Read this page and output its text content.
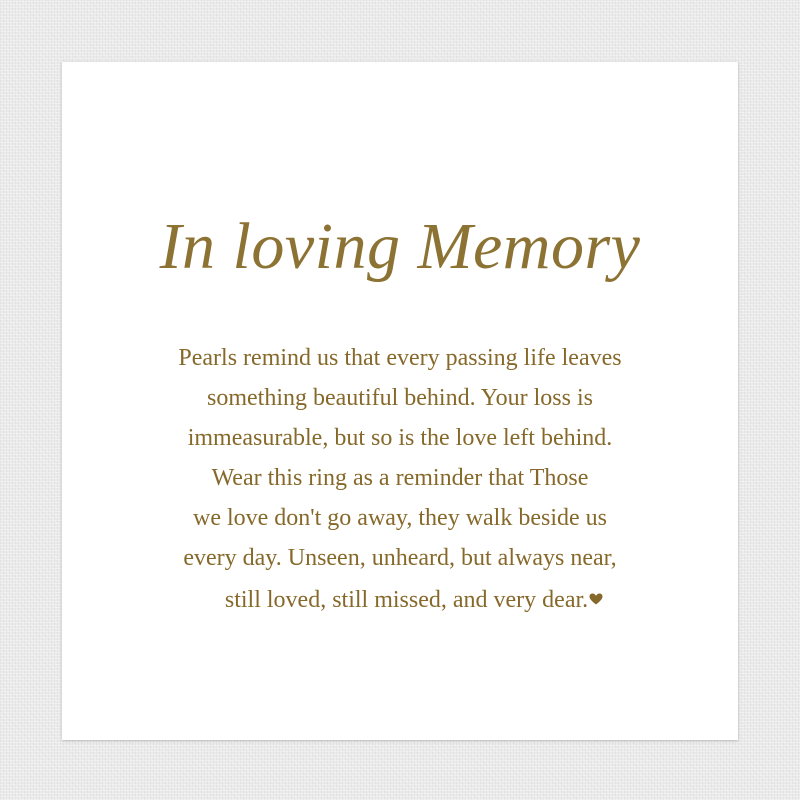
In loving Memory
Pearls remind us that every passing life leaves
something beautiful behind. Your loss is
immeasurable, but so is the love left behind.
Wear this ring as a reminder that Those
we love don't go away, they walk beside us
every day. Unseen, unheard, but always near,
still loved, still missed, and very dear.
